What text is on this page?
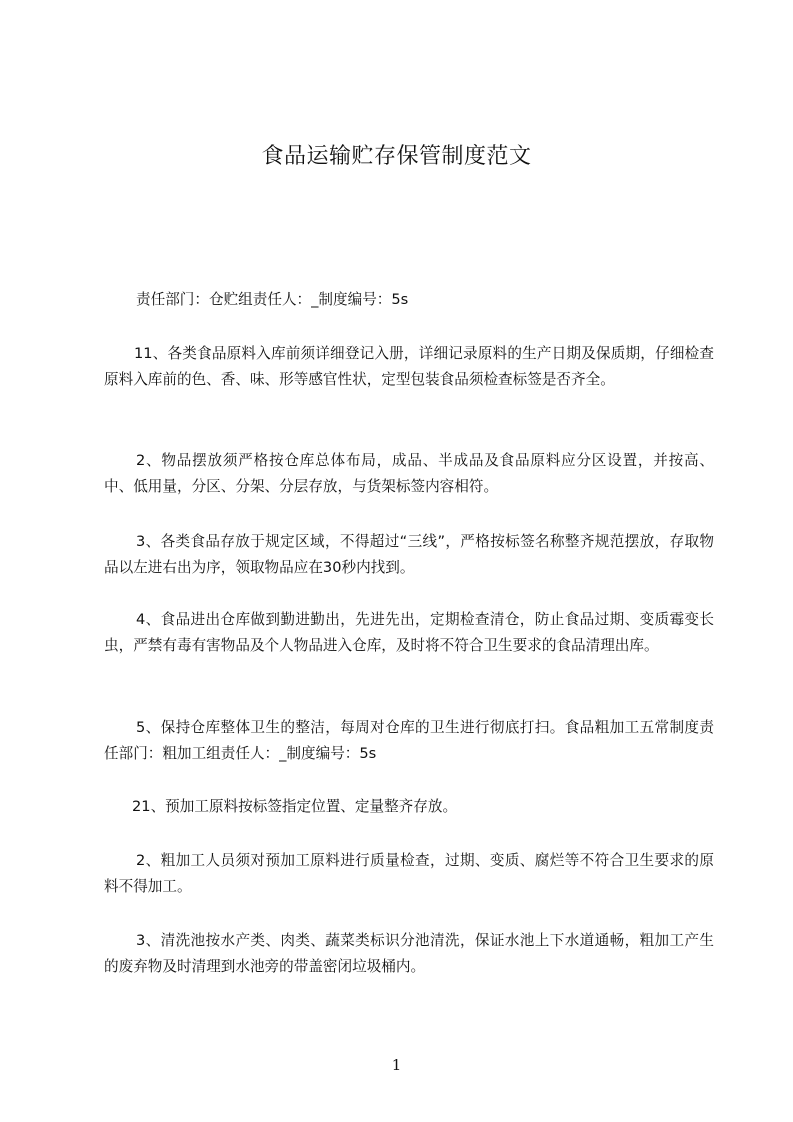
食品运输贮存保管制度范文

责任部门：仓贮组责任人：_制度编号：5s

11、各类食品原料入库前须详细登记入册，详细记录原料的生产日期及保质期，仔细检查原料入库前的色、香、味、形等感官性状，定型包装食品须检查标签是否齐全。

2、物品摆放须严格按仓库总体布局，成品、半成品及食品原料应分区设置，并按高、中、低用量，分区、分架、分层存放，与货架标签内容相符。

3、各类食品存放于规定区域，不得超过“三线”，严格按标签名称整齐规范摆放，存取物品以左进右出为序，领取物品应在30秒内找到。

4、食品进出仓库做到勤进勤出，先进先出，定期检查清仓，防止食品过期、变质霉变长虫，严禁有毒有害物品及个人物品进入仓库，及时将不符合卫生要求的食品清理出库。

5、保持仓库整体卫生的整洁，每周对仓库的卫生进行彻底打扫。食品粗加工五常制度责任部门：粗加工组责任人：_制度编号：5s

21、预加工原料按标签指定位置、定量整齐存放。

2、粗加工人员须对预加工原料进行质量检查，过期、变质、腐烂等不符合卫生要求的原料不得加工。

3、清洗池按水产类、肉类、蔬菜类标识分池清洗，保证水池上下水道通畅，粗加工产生的废弃物及时清理到水池旁的带盖密闭垃圾桶内。

1
